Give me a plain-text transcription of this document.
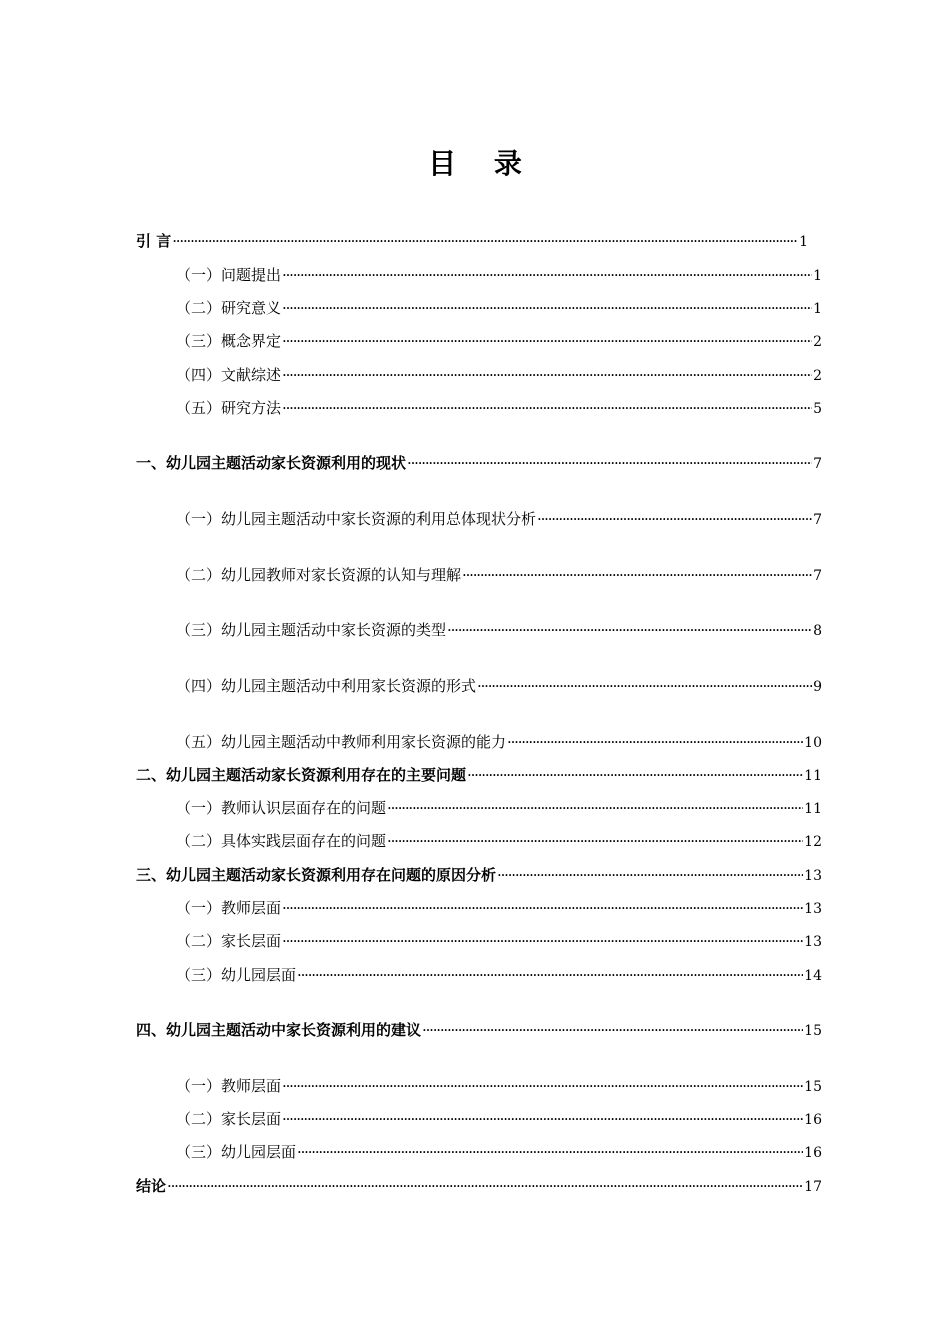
目 录
引 言 ·····	1
（一）问题提出 ·····	1
（二）研究意义 ·····	1
（三）概念界定 ·····	2
（四）文献综述 ·····	2
（五）研究方法 ·····	5
一、幼儿园主题活动家长资源利用的现状 ·····	7
（一）幼儿园主题活动中家长资源的利用总体现状分析 ·····	7
（二）幼儿园教师对家长资源的认知与理解 ·····	7
（三）幼儿园主题活动中家长资源的类型 ·····	8
（四）幼儿园主题活动中利用家长资源的形式 ·····	9
（五）幼儿园主题活动中教师利用家长资源的能力 ·····	10
二、幼儿园主题活动家长资源利用存在的主要问题 ·····	11
（一）教师认识层面存在的问题 ·····	11
（二）具体实践层面存在的问题 ·····	12
三、幼儿园主题活动家长资源利用存在问题的原因分析 ·····	13
（一）教师层面 ·····	13
（二）家长层面 ·····	13
（三）幼儿园层面 ·····	14
四、幼儿园主题活动中家长资源利用的建议 ·····	15
（一）教师层面 ·····	15
（二）家长层面 ·····	16
（三）幼儿园层面 ·····	16
结论 ·····	17
